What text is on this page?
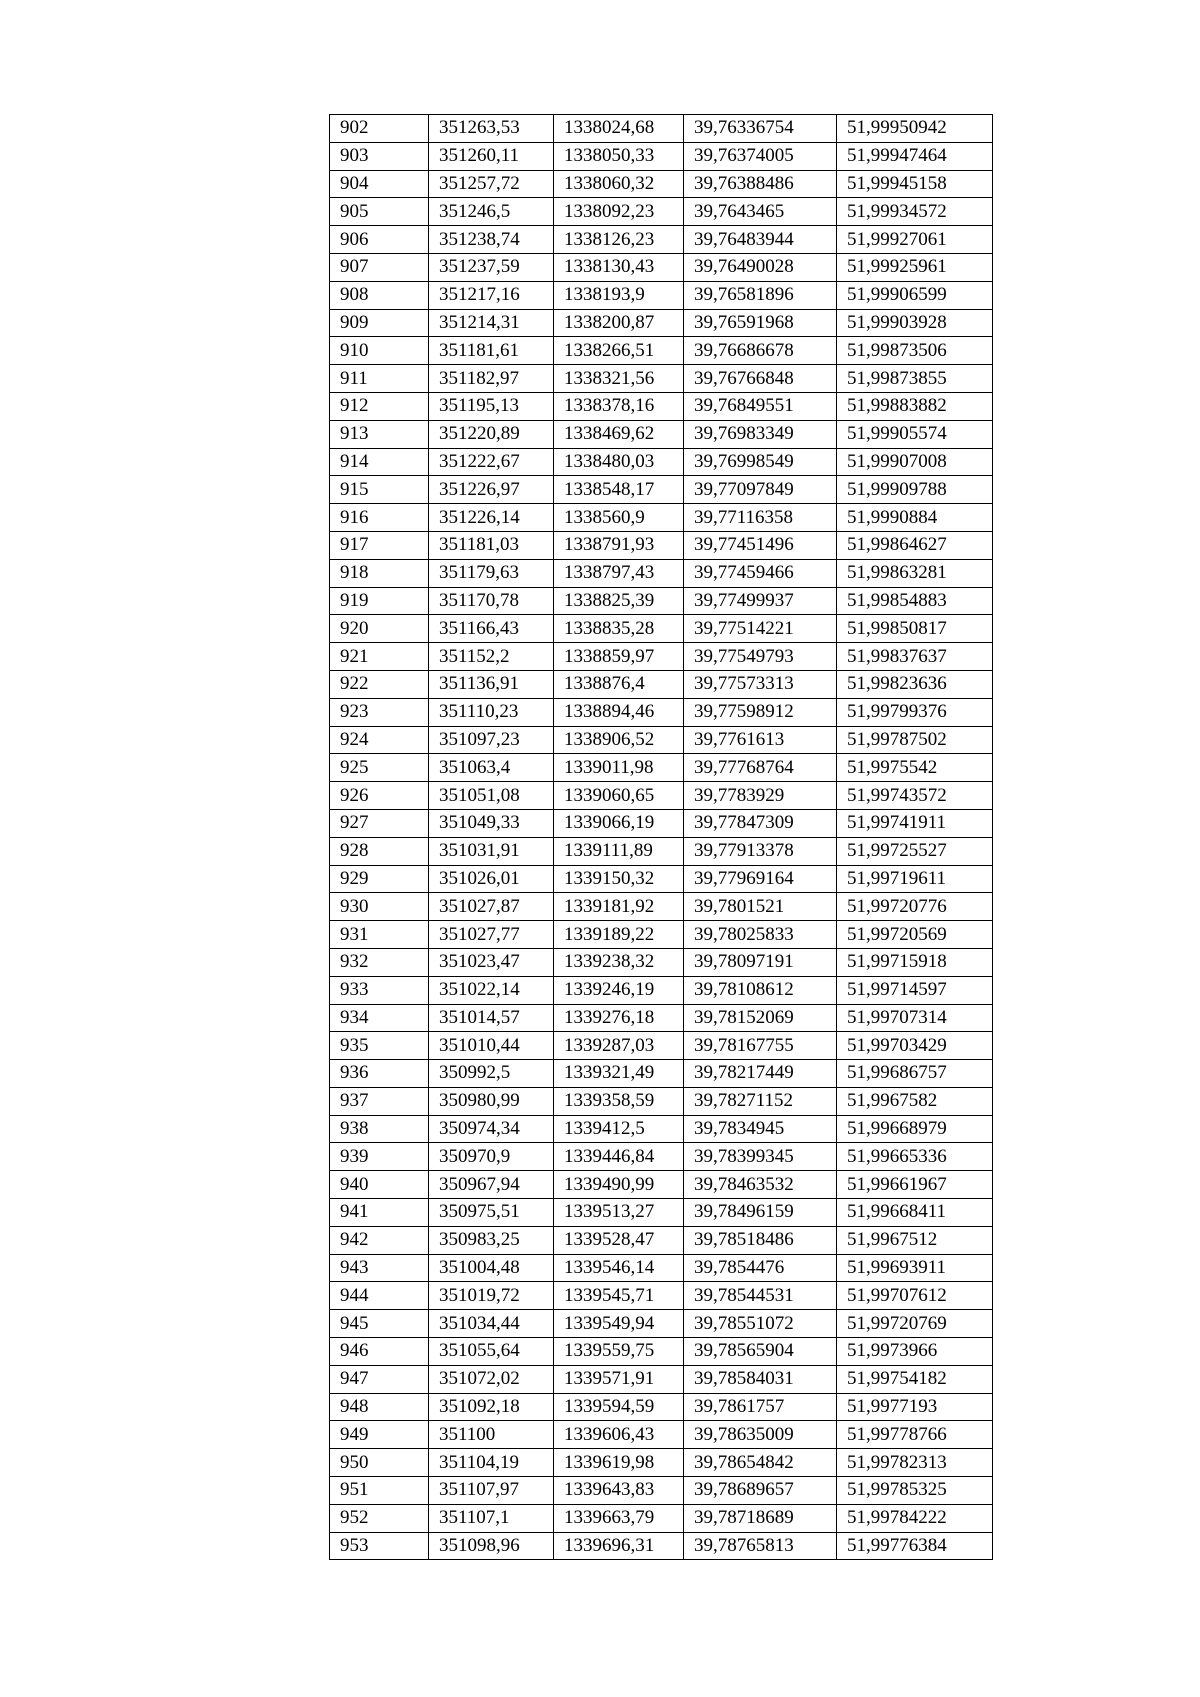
902	351263,53	1338024,68	39,76336754	51,99950942
903	351260,11	1338050,33	39,76374005	51,99947464
904	351257,72	1338060,32	39,76388486	51,99945158
905	351246,5	1338092,23	39,7643465	51,99934572
906	351238,74	1338126,23	39,76483944	51,99927061
907	351237,59	1338130,43	39,76490028	51,99925961
908	351217,16	1338193,9	39,76581896	51,99906599
909	351214,31	1338200,87	39,76591968	51,99903928
910	351181,61	1338266,51	39,76686678	51,99873506
911	351182,97	1338321,56	39,76766848	51,99873855
912	351195,13	1338378,16	39,76849551	51,99883882
913	351220,89	1338469,62	39,76983349	51,99905574
914	351222,67	1338480,03	39,76998549	51,99907008
915	351226,97	1338548,17	39,77097849	51,99909788
916	351226,14	1338560,9	39,77116358	51,9990884
917	351181,03	1338791,93	39,77451496	51,99864627
918	351179,63	1338797,43	39,77459466	51,99863281
919	351170,78	1338825,39	39,77499937	51,99854883
920	351166,43	1338835,28	39,77514221	51,99850817
921	351152,2	1338859,97	39,77549793	51,99837637
922	351136,91	1338876,4	39,77573313	51,99823636
923	351110,23	1338894,46	39,77598912	51,99799376
924	351097,23	1338906,52	39,7761613	51,99787502
925	351063,4	1339011,98	39,77768764	51,9975542
926	351051,08	1339060,65	39,7783929	51,99743572
927	351049,33	1339066,19	39,77847309	51,99741911
928	351031,91	1339111,89	39,77913378	51,99725527
929	351026,01	1339150,32	39,77969164	51,99719611
930	351027,87	1339181,92	39,7801521	51,99720776
931	351027,77	1339189,22	39,78025833	51,99720569
932	351023,47	1339238,32	39,78097191	51,99715918
933	351022,14	1339246,19	39,78108612	51,99714597
934	351014,57	1339276,18	39,78152069	51,99707314
935	351010,44	1339287,03	39,78167755	51,99703429
936	350992,5	1339321,49	39,78217449	51,99686757
937	350980,99	1339358,59	39,78271152	51,9967582
938	350974,34	1339412,5	39,7834945	51,99668979
939	350970,9	1339446,84	39,78399345	51,99665336
940	350967,94	1339490,99	39,78463532	51,99661967
941	350975,51	1339513,27	39,78496159	51,99668411
942	350983,25	1339528,47	39,78518486	51,9967512
943	351004,48	1339546,14	39,7854476	51,99693911
944	351019,72	1339545,71	39,78544531	51,99707612
945	351034,44	1339549,94	39,78551072	51,99720769
946	351055,64	1339559,75	39,78565904	51,9973966
947	351072,02	1339571,91	39,78584031	51,99754182
948	351092,18	1339594,59	39,7861757	51,9977193
949	351100	1339606,43	39,78635009	51,99778766
950	351104,19	1339619,98	39,78654842	51,99782313
951	351107,97	1339643,83	39,78689657	51,99785325
952	351107,1	1339663,79	39,78718689	51,99784222
953	351098,96	1339696,31	39,78765813	51,99776384
